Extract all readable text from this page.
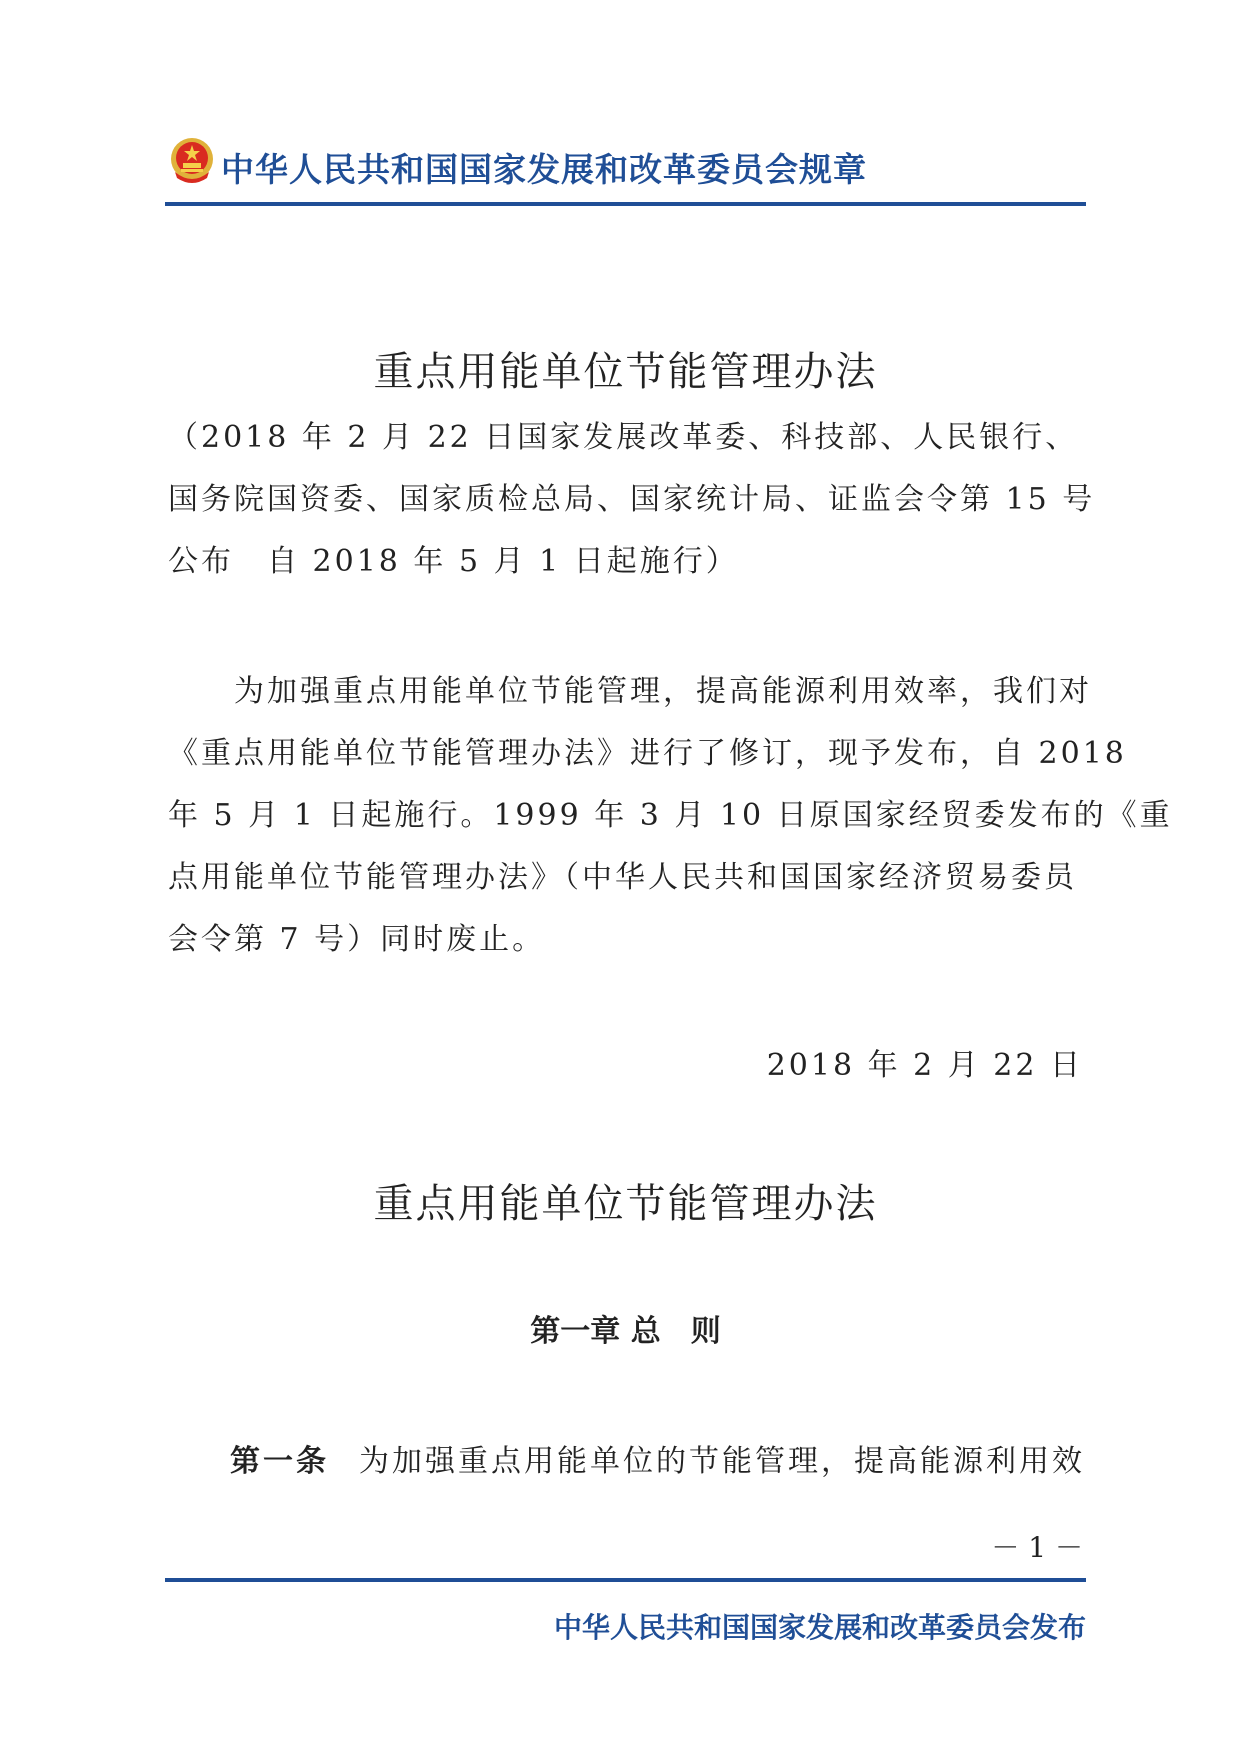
中华人民共和国国家发展和改革委员会规章
重点用能单位节能管理办法
（2018 年 2 月 22 日国家发展改革委、科技部、人民银行、
国务院国资委、国家质检总局、国家统计局、证监会令第 15 号
公布　自 2018 年 5 月 1 日起施行）
　　为加强重点用能单位节能管理，提高能源利用效率，我们对
《重点用能单位节能管理办法》进行了修订，现予发布，自 2018
年 5 月 1 日起施行。1999 年 3 月 10 日原国家经贸委发布的《重
点用能单位节能管理办法》（中华人民共和国国家经济贸易委员
会令第 7 号）同时废止。
2018 年 2 月 22 日
重点用能单位节能管理办法
第一章 总　则
第一条 为加强重点用能单位的节能管理，提高能源利用效
－ 1 －
中华人民共和国国家发展和改革委员会发布
